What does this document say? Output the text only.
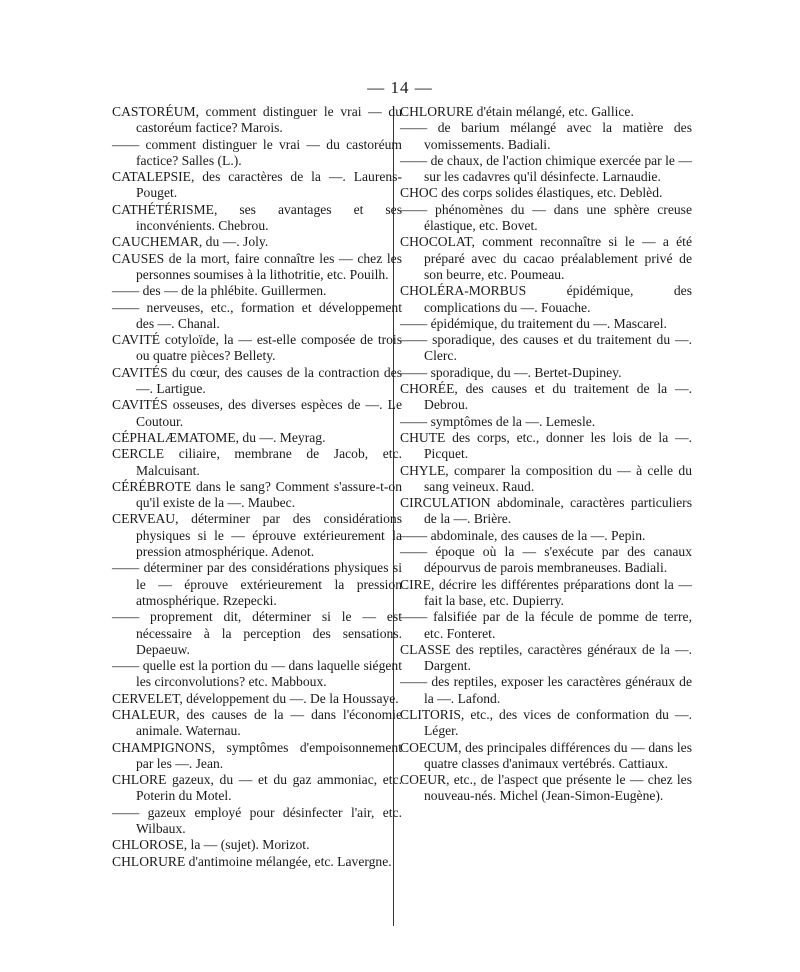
— 14 —

CASTORÉUM, comment distinguer le vrai — du castoréum factice? Marois.

—— comment distinguer le vrai — du castoréum factice? Salles (L.).

CATALEPSIE, des caractères de la —. Laurens-Pouget.

CATHÉTÉRISME, ses avantages et ses inconvénients. Chebrou.

CAUCHEMAR, du —. Joly.

CAUSES de la mort, faire connaître les — chez les personnes soumises à la lithotritie, etc. Pouilh.

—— des — de la phlébite. Guillermen.

—— nerveuses, etc., formation et développement des —. Chanal.

CAVITÉ cotyloïde, la — est-elle composée de trois ou quatre pièces? Bellety.

CAVITÉS du cœur, des causes de la contraction des —. Lartigue.

CAVITÉS osseuses, des diverses espèces de —. Le Coutour.

CÉPHALÆMATOME, du —. Meyrag.

CERCLE ciliaire, membrane de Jacob, etc. Malcuisant.

CÉRÉBROTE dans le sang? Comment s'assure-t-on qu'il existe de la —. Maubec.

CERVEAU, déterminer par des considérations physiques si le — éprouve extérieurement la pression atmosphérique. Adenot.

—— déterminer par des considérations physiques si le — éprouve extérieurement la pression atmosphérique. Rzepecki.

—— proprement dit, déterminer si le — est nécessaire à la perception des sensations. Depaeuw.

—— quelle est la portion du — dans laquelle siégent les circonvolutions? etc. Mabboux.

CERVELET, développement du —. De la Houssaye.

CHALEUR, des causes de la — dans l'économie animale. Waternau.

CHAMPIGNONS, symptômes d'empoisonnement par les —. Jean.

CHLORE gazeux, du — et du gaz ammoniac, etc. Poterin du Motel.

—— gazeux employé pour désinfecter l'air, etc. Wilbaux.

CHLOROSE, la — (sujet). Morizot.

CHLORURE d'antimoine mélangée, etc. Lavergne.

CHLORURE d'étain mélangé, etc. Gallice.

—— de barium mélangé avec la matière des vomissements. Badiali.

—— de chaux, de l'action chimique exercée par le — sur les cadavres qu'il désinfecte. Larnaudie.

CHOC des corps solides élastiques, etc. Deblèd.

—— phénomènes du — dans une sphère creuse élastique, etc. Bovet.

CHOCOLAT, comment reconnaître si le — a été préparé avec du cacao préalablement privé de son beurre, etc. Poumeau.

CHOLÉRA-MORBUS épidémique, des complications du —. Fouache.

—— épidémique, du traitement du —. Mascarel.

—— sporadique, des causes et du traitement du —. Clerc.

—— sporadique, du —. Bertet-Dupiney.

CHORÉE, des causes et du traitement de la —. Debrou.

—— symptômes de la —. Lemesle.

CHUTE des corps, etc., donner les lois de la —. Picquet.

CHYLE, comparer la composition du — à celle du sang veineux. Raud.

CIRCULATION abdominale, caractères particuliers de la —. Brière.

—— abdominale, des causes de la —. Pepin.

—— époque où la — s'exécute par des canaux dépourvus de parois membraneuses. Badiali.

CIRE, décrire les différentes préparations dont la — fait la base, etc. Dupierry.

—— falsifiée par de la fécule de pomme de terre, etc. Fonteret.

CLASSE des reptiles, caractères généraux de la —. Dargent.

—— des reptiles, exposer les caractères généraux de la —. Lafond.

CLITORIS, etc., des vices de conformation du —. Léger.

COECUM, des principales différences du — dans les quatre classes d'animaux vertébrés. Cattiaux.

COEUR, etc., de l'aspect que présente le — chez les nouveau-nés. Michel (Jean-Simon-Eugène).
